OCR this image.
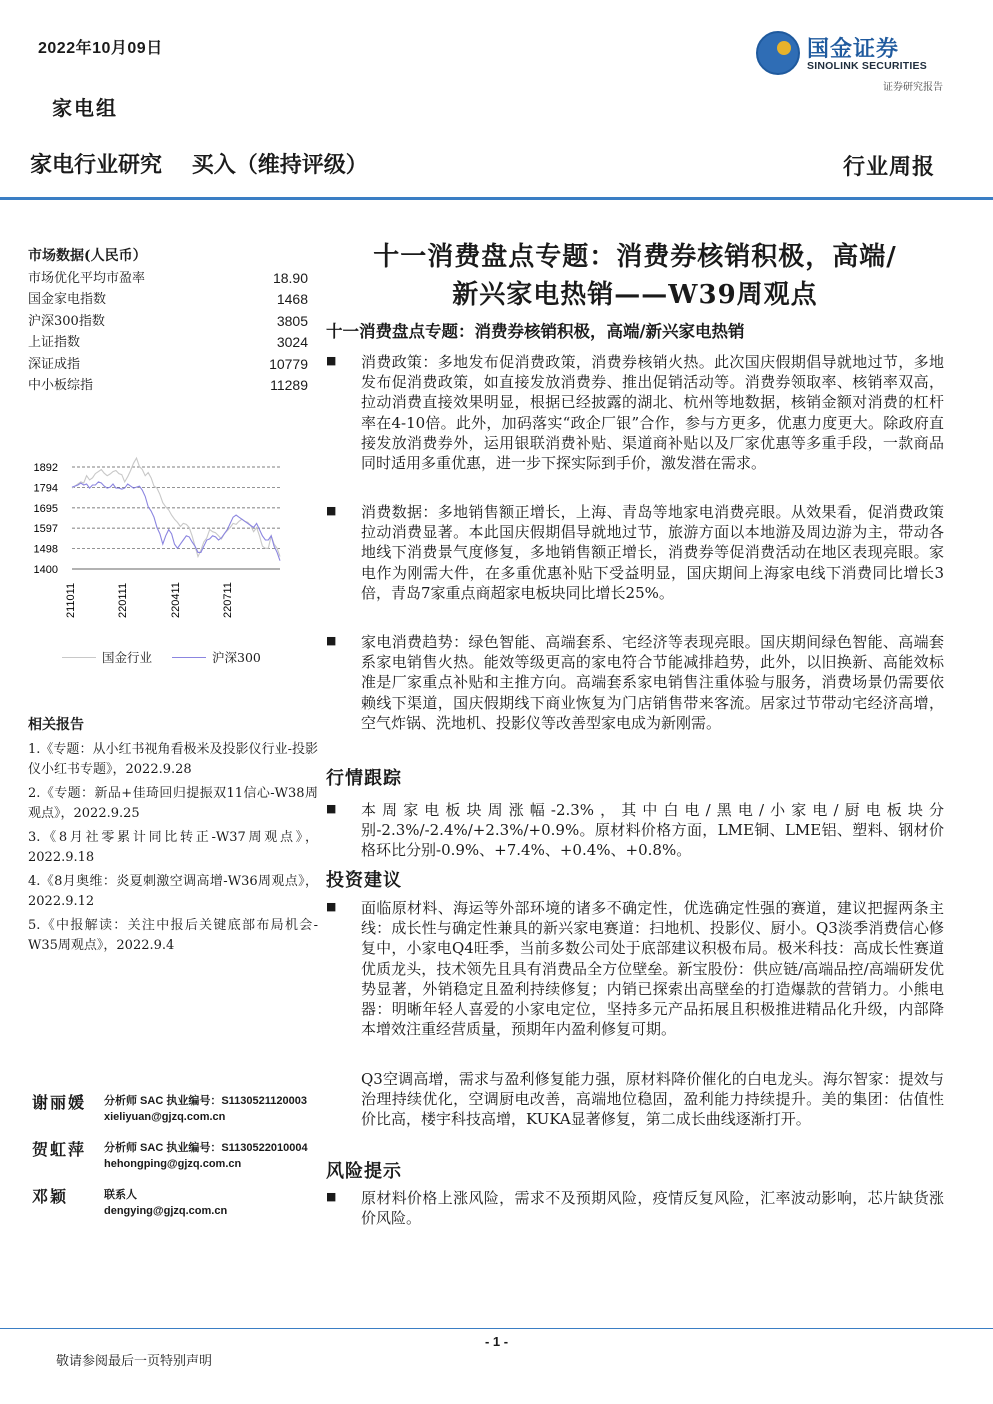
2022年10月09日
家电组
国金证券
SINOLINK SECURITIES
证券研究报告
家电行业研究 买入（维持评级）	行业周报
市场数据(人民币）
市场优化平均市盈率	18.90
国金家电指数	1468
沪深300指数	3805
上证指数	3024
深证成指	10779
中小板综指	11289
1892
1794
1695
1597
1498
1400
211011	220111	220411	220711
国金行业	沪深300
相关报告
1.《专题：从小红书视角看极米及投影仪行业-投影仪小红书专题》，2022.9.28
2.《专题：新品+佳琦回归提振双11信心-W38周观点》，2022.9.25
3.《8月社零累计同比转正-W37周观点》，2022.9.18
4.《8月奥维：炎夏刺激空调高增-W36周观点》，2022.9.12
5.《中报解读：关注中报后关键底部布局机会-W35周观点》，2022.9.4
谢丽媛 分析师 SAC 执业编号：S1130521120003
xieliyuan@gjzq.com.cn
贺虹萍 分析师 SAC 执业编号：S1130522010004
hehongping@gjzq.com.cn
邓颖	联系人
dengying@gjzq.com.cn
十一消费盘点专题：消费券核销积极，高端/
新兴家电热销——W39周观点
十一消费盘点专题：消费券核销积极，高端/新兴家电热销
■ 消费政策：多地发布促消费政策，消费券核销火热。此次国庆假期倡导就地过节，多地发布促消费政策，如直接发放消费券、推出促销活动等。消费券领取率、核销率双高，拉动消费直接效果明显，根据已经披露的湖北、杭州等地数据，核销金额对消费的杠杆率在4-10倍。此外，加码落实“政企厂银”合作，参与方更多，优惠力度更大。除政府直接发放消费券外，运用银联消费补贴、渠道商补贴以及厂家优惠等多重手段，一款商品同时适用多重优惠，进一步下探实际到手价，激发潜在需求。
■ 消费数据：多地销售额正增长，上海、青岛等地家电消费亮眼。从效果看，促消费政策拉动消费显著。本此国庆假期倡导就地过节，旅游方面以本地游及周边游为主，带动各地线下消费景气度修复，多地销售额正增长，消费券等促消费活动在地区表现亮眼。家电作为刚需大件，在多重优惠补贴下受益明显，国庆期间上海家电线下消费同比增长3倍，青岛7家重点商超家电板块同比增长25%。
■ 家电消费趋势：绿色智能、高端套系、宅经济等表现亮眼。国庆期间绿色智能、高端套系家电销售火热。能效等级更高的家电符合节能减排趋势，此外，以旧换新、高能效标准是厂家重点补贴和主推方向。高端套系家电销售注重体验与服务，消费场景仍需要依赖线下渠道，国庆假期线下商业恢复为门店销售带来客流。居家过节带动宅经济高增，空气炸锅、洗地机、投影仪等改善型家电成为新刚需。
行情跟踪
■ 本周家电板块周涨幅-2.3%，其中白电/黑电/小家电/厨电板块分别-2.3%/-2.4%/+2.3%/+0.9%。原材料价格方面，LME铜、LME铝、塑料、钢材价格环比分别-0.9%、+7.4%、+0.4%、+0.8%。
投资建议
■ 面临原材料、海运等外部环境的诸多不确定性，优选确定性强的赛道，建议把握两条主线：成长性与确定性兼具的新兴家电赛道：扫地机、投影仪、厨小。Q3淡季消费信心修复中，小家电Q4旺季，当前多数公司处于底部建议积极布局。极米科技：高成长性赛道优质龙头，技术领先且具有消费品全方位壁垒。新宝股份：供应链/高端品控/高端研发优势显著，外销稳定且盈利持续修复；内销已探索出高壁垒的打造爆款的营销力。小熊电器：明晰年轻人喜爱的小家电定位，坚持多元产品拓展且积极推进精品化升级，内部降本增效注重经营质量，预期年内盈利修复可期。
Q3空调高增，需求与盈利修复能力强，原材料降价催化的白电龙头。海尔智家：提效与治理持续优化，空调厨电改善，高端地位稳固，盈利能力持续提升。美的集团：估值性价比高，楼宇科技高增，KUKA显著修复，第二成长曲线逐渐打开。
风险提示
■ 原材料价格上涨风险，需求不及预期风险，疫情反复风险，汇率波动影响，芯片缺货涨价风险。
- 1 -
敬请参阅最后一页特别声明
